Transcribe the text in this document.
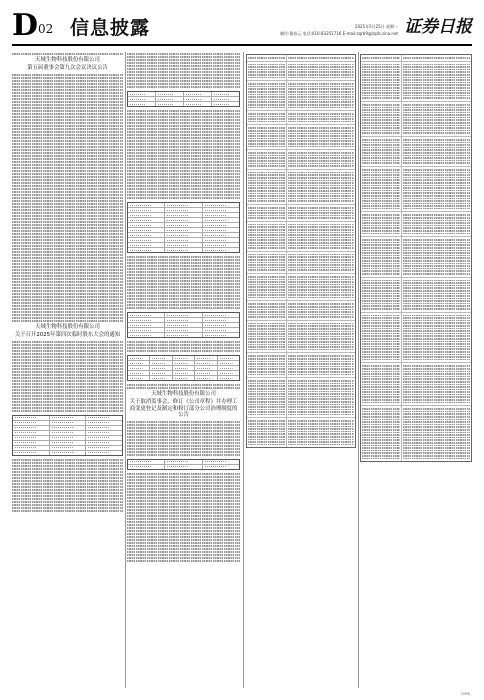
D 02 信息披露	2025年5月25日 星期一
制作:董春云 电话:010-83251716 E-mail:zqrb9@zqrb.sina.net 证券日报
天域生物科技股份有限公司
第五届董事会第九次会议决议公告
天域生物科技股份有限公司
关于召开2025年第四次临时股东大会的通知
天域生物科技股份有限公司
关于取消监事会、修订《公司章程》并办理工商变更登记及制定和修订部分公司治理制度的公告
CMYK
